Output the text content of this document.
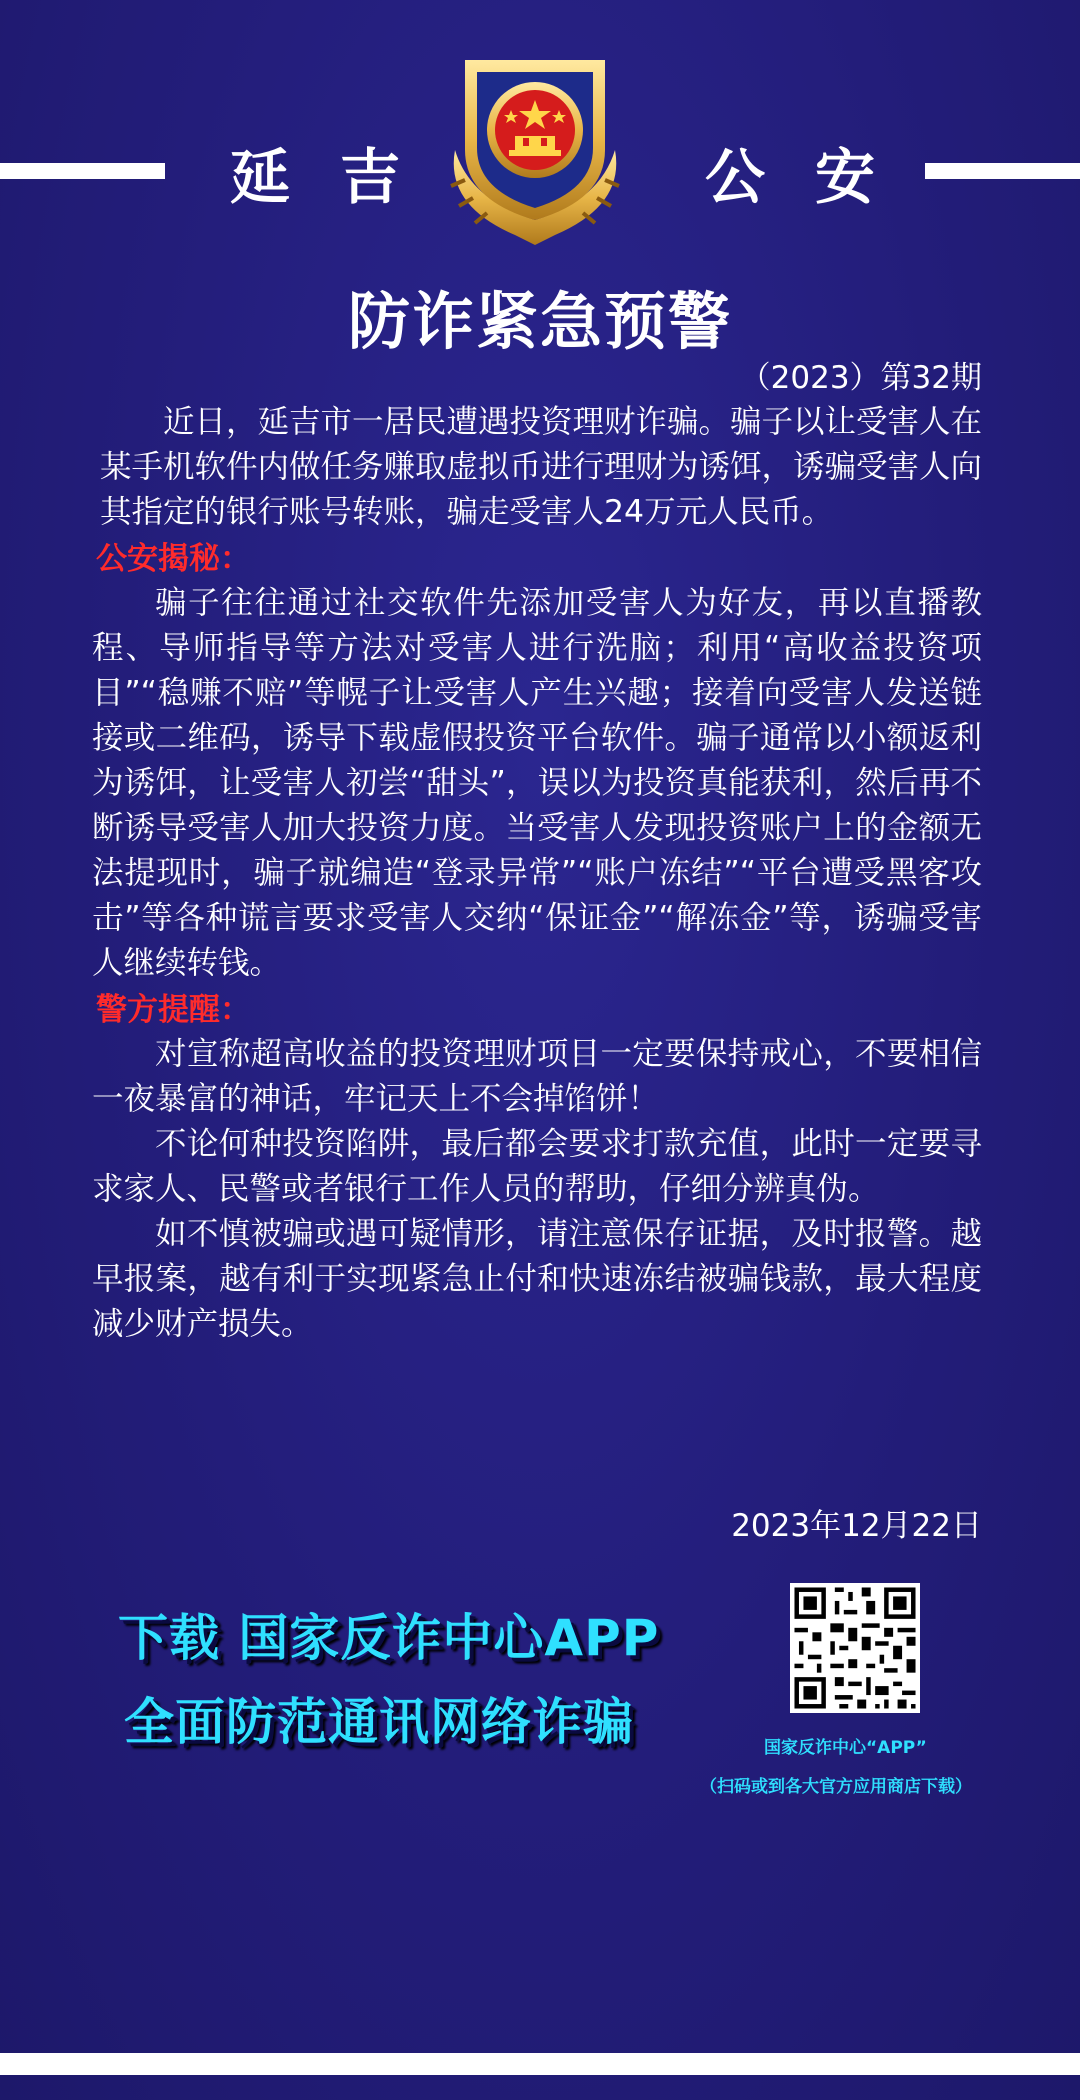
延吉	公安
防诈紧急预警
（2023）第32期

近日，延吉市一居民遭遇投资理财诈骗。骗子以让受害人在某手机软件内做任务赚取虚拟币进行理财为诱饵，诱骗受害人向其指定的银行账号转账，骗走受害人24万元人民币。

公安揭秘：

骗子往往通过社交软件先添加受害人为好友，再以直播教程、导师指导等方法对受害人进行洗脑；利用“高收益投资项目”“稳赚不赔”等幌子让受害人产生兴趣；接着向受害人发送链接或二维码，诱导下载虚假投资平台软件。骗子通常以小额返利为诱饵，让受害人初尝“甜头”，误以为投资真能获利，然后再不断诱导受害人加大投资力度。当受害人发现投资账户上的金额无法提现时，骗子就编造“登录异常”“账户冻结”“平台遭受黑客攻击”等各种谎言要求受害人交纳“保证金”“解冻金”等，诱骗受害人继续转钱。

警方提醒：

对宣称超高收益的投资理财项目一定要保持戒心，不要相信一夜暴富的神话，牢记天上不会掉馅饼！

不论何种投资陷阱，最后都会要求打款充值，此时一定要寻求家人、民警或者银行工作人员的帮助，仔细分辨真伪。

如不慎被骗或遇可疑情形，请注意保存证据，及时报警。越早报案，越有利于实现紧急止付和快速冻结被骗钱款，最大程度减少财产损失。

2023年12月22日
下载 国家反诈中心APP
全面防范通讯网络诈骗	国家反诈中心“APP”
（扫码或到各大官方应用商店下载）
